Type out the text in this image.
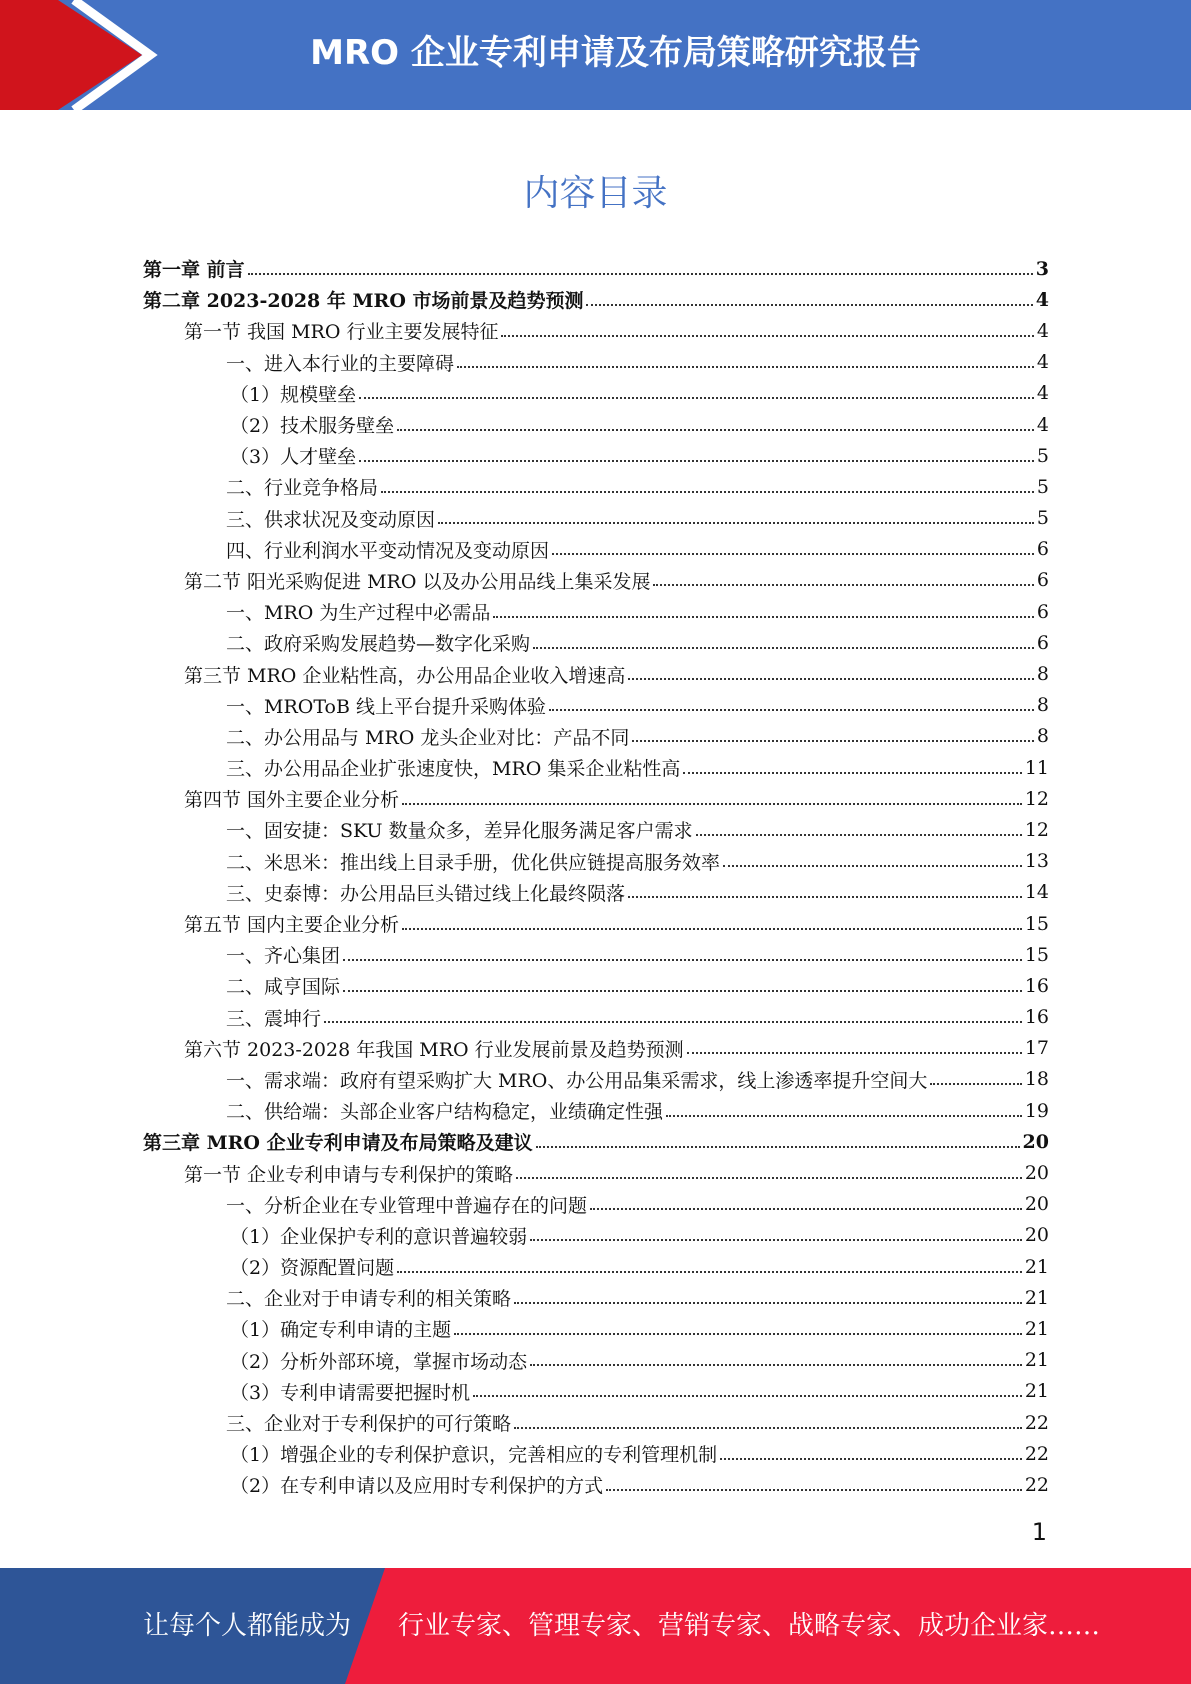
MRO 企业专利申请及布局策略研究报告
内容目录
第一章 前言	3
第二章 2023-2028 年 MRO 市场前景及趋势预测	4
第一节 我国 MRO 行业主要发展特征	4
一、进入本行业的主要障碍	4
（1）规模壁垒	4
（2）技术服务壁垒	4
（3）人才壁垒	5
二、行业竞争格局	5
三、供求状况及变动原因	5
四、行业利润水平变动情况及变动原因	6
第二节 阳光采购促进 MRO 以及办公用品线上集采发展	6
一、MRO 为生产过程中必需品	6
二、政府采购发展趋势—数字化采购	6
第三节 MRO 企业粘性高，办公用品企业收入增速高	8
一、MROToB 线上平台提升采购体验	8
二、办公用品与 MRO 龙头企业对比：产品不同	8
三、办公用品企业扩张速度快，MRO 集采企业粘性高	11
第四节 国外主要企业分析	12
一、固安捷：SKU 数量众多，差异化服务满足客户需求	12
二、米思米：推出线上目录手册，优化供应链提高服务效率	13
三、史泰博：办公用品巨头错过线上化最终陨落	14
第五节 国内主要企业分析	15
一、齐心集团	15
二、咸亨国际	16
三、震坤行	16
第六节 2023-2028 年我国 MRO 行业发展前景及趋势预测	17
一、需求端：政府有望采购扩大 MRO、办公用品集采需求，线上渗透率提升空间大	18
二、供给端：头部企业客户结构稳定，业绩确定性强	19
第三章 MRO 企业专利申请及布局策略及建议	20
第一节 企业专利申请与专利保护的策略	20
一、分析企业在专业管理中普遍存在的问题	20
（1）企业保护专利的意识普遍较弱	20
（2）资源配置问题	21
二、企业对于申请专利的相关策略	21
（1）确定专利申请的主题	21
（2）分析外部环境，掌握市场动态	21
（3）专利申请需要把握时机	21
三、企业对于专利保护的可行策略	22
（1）增强企业的专利保护意识，完善相应的专利管理机制	22
（2）在专利申请以及应用时专利保护的方式	22
1
让每个人都能成为 行业专家、管理专家、营销专家、战略专家、成功企业家……
